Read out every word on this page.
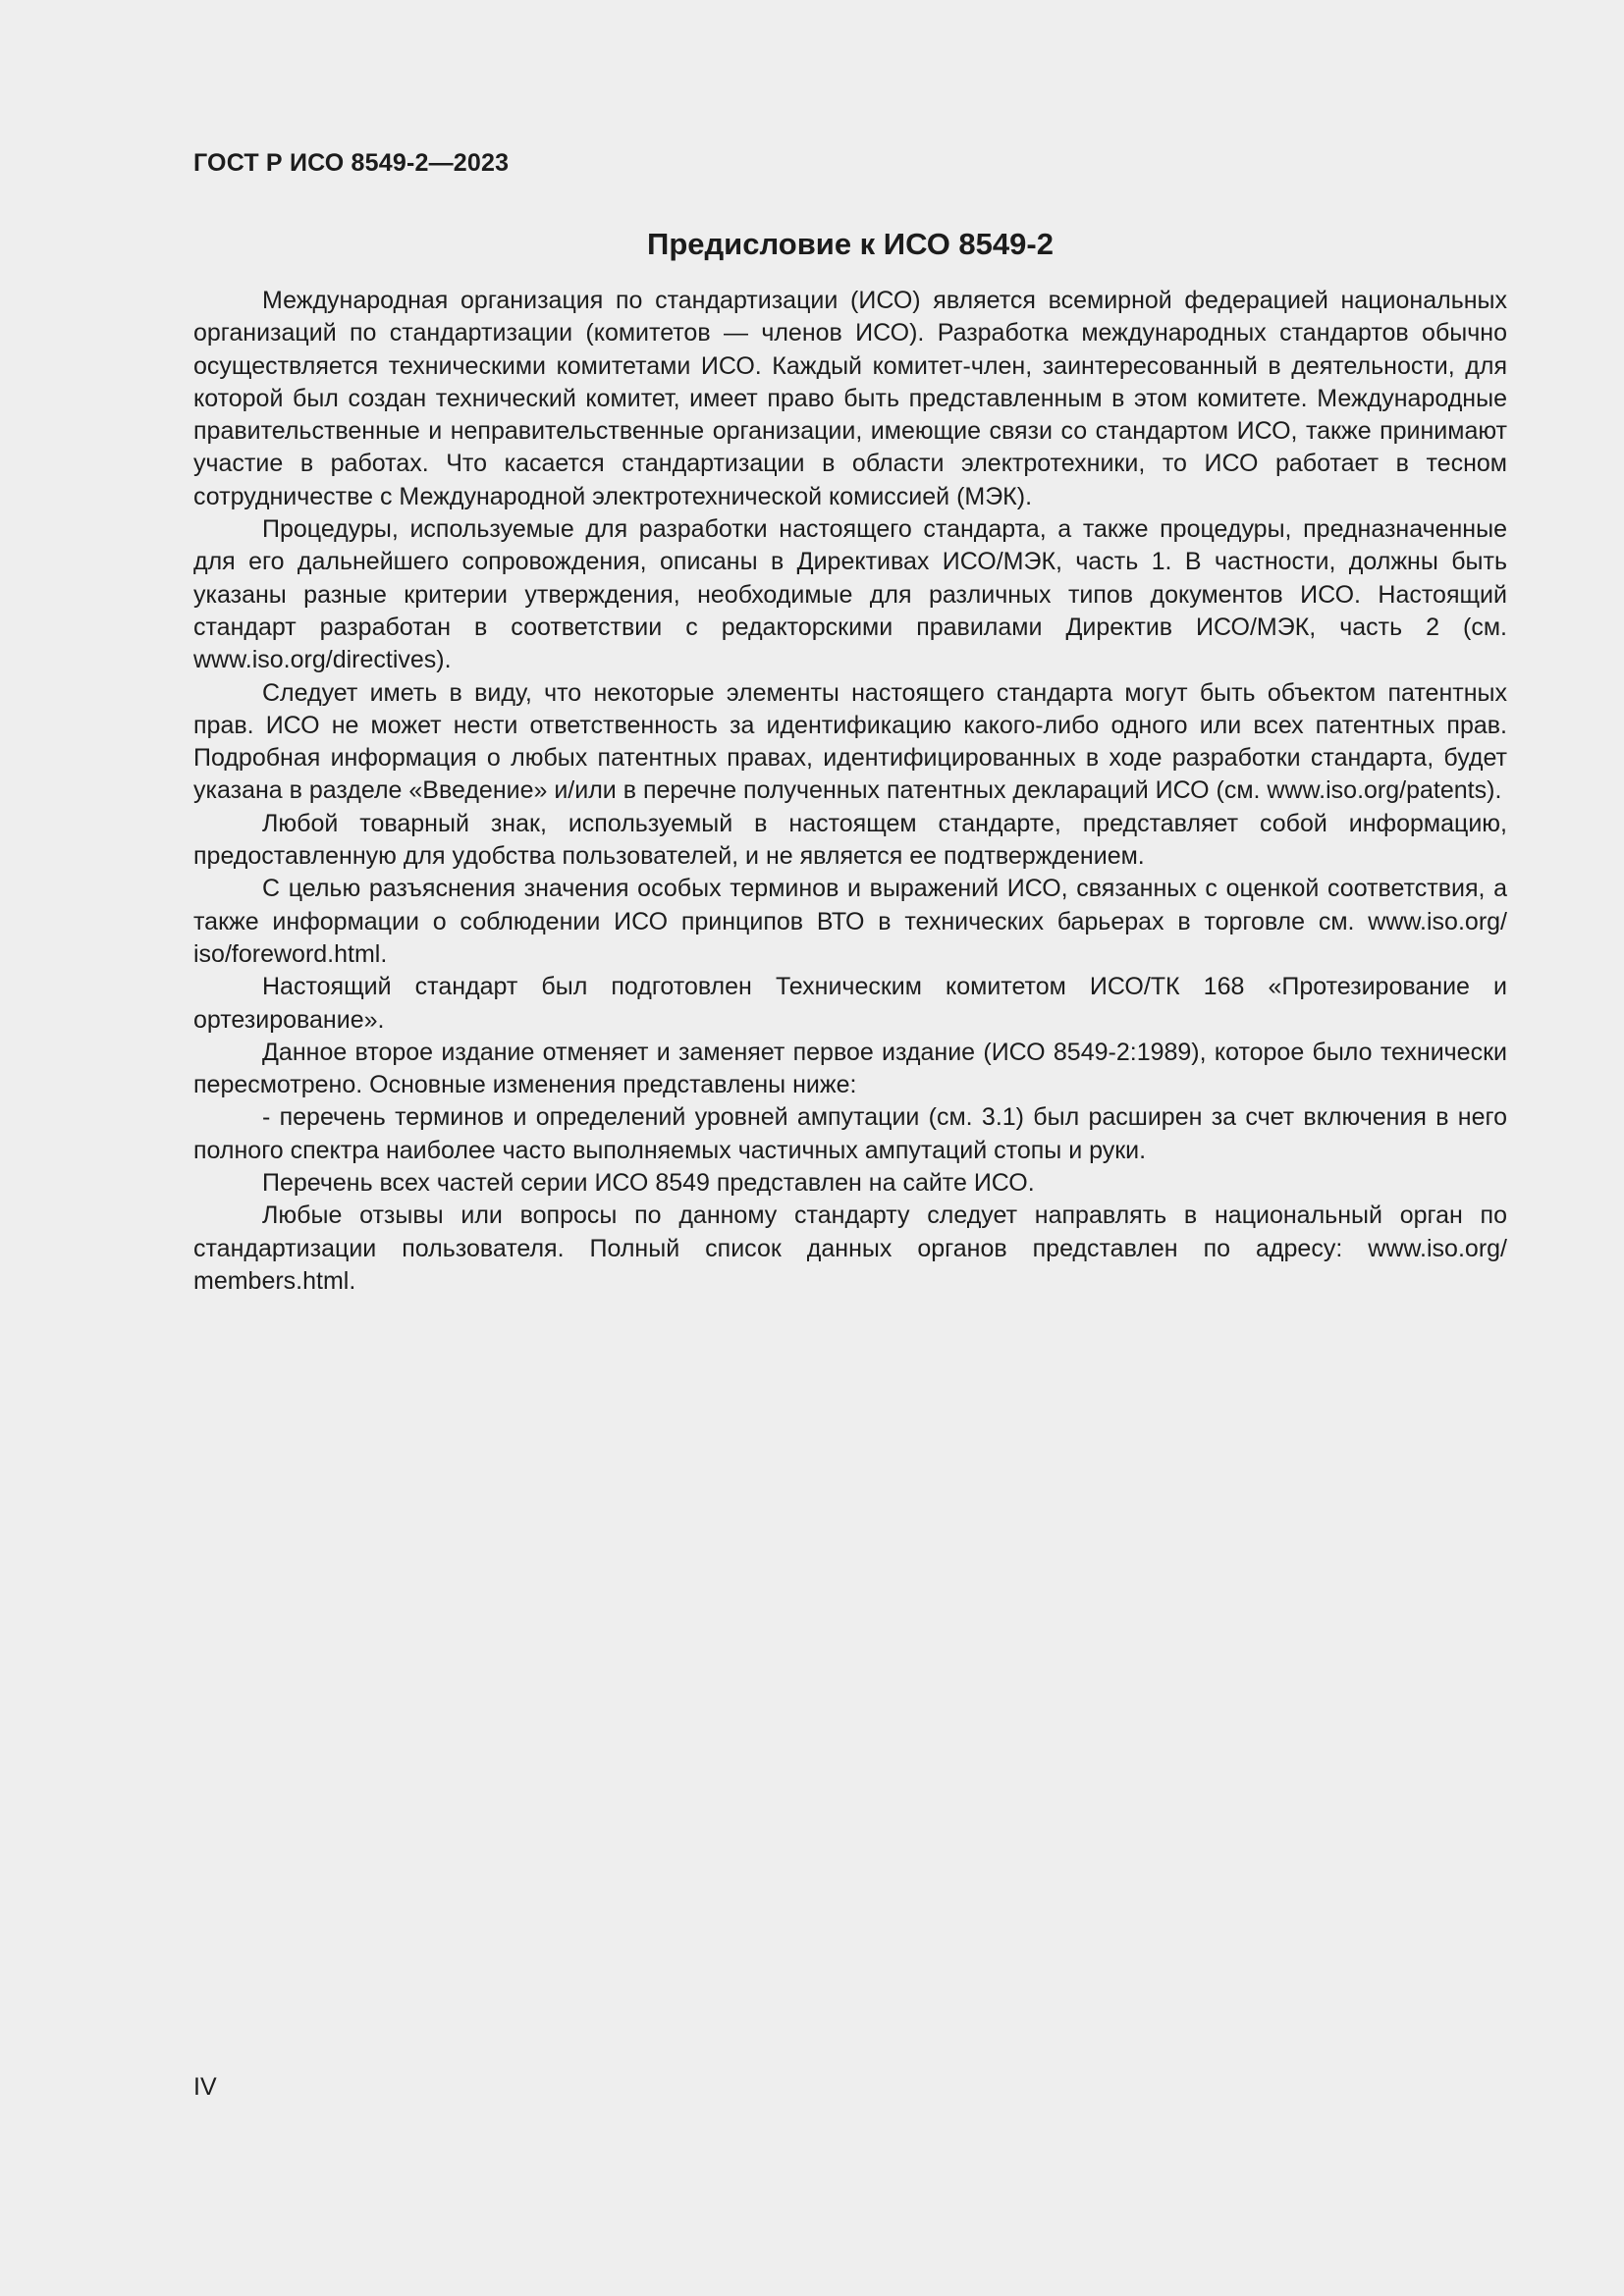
ГОСТ Р ИСО 8549-2—2023
Предисловие к ИСО 8549-2

Международная организация по стандартизации (ИСО) является всемирной федерацией национальных организаций по стандартизации (комитетов — членов ИСО). Разработка международных стандартов обычно осуществляется техническими комитетами ИСО. Каждый комитет-член, заинтересованный в деятельности, для которой был создан технический комитет, имеет право быть представленным в этом комитете. Международные правительственные и неправительственные организации, имеющие связи со стандартом ИСО, также принимают участие в работах. Что касается стандартизации в области электротехники, то ИСО работает в тесном сотрудничестве с Международной электротехнической комиссией (МЭК).

Процедуры, используемые для разработки настоящего стандарта, а также процедуры, предназначенные для его дальнейшего сопровождения, описаны в Директивах ИСО/МЭК, часть 1. В частности, должны быть указаны разные критерии утверждения, необходимые для различных типов документов ИСО. Настоящий стандарт разработан в соответствии с редакторскими правилами Директив ИСО/МЭК, часть 2 (см. www.iso.org/directives).

Следует иметь в виду, что некоторые элементы настоящего стандарта могут быть объектом патентных прав. ИСО не может нести ответственность за идентификацию какого-либо одного или всех патентных прав. Подробная информация о любых патентных правах, идентифицированных в ходе разработки стандарта, будет указана в разделе «Введение» и/или в перечне полученных патентных деклараций ИСО (см. www.iso.org/patents).

Любой товарный знак, используемый в настоящем стандарте, представляет собой информацию, предоставленную для удобства пользователей, и не является ее подтверждением.

С целью разъяснения значения особых терминов и выражений ИСО, связанных с оценкой соответствия, а также информации о соблюдении ИСО принципов ВТО в технических барьерах в торговле см. www.iso.org/ iso/foreword.html.

Настоящий стандарт был подготовлен Техническим комитетом ИСО/ТК 168 «Протезирование и ортезирование».

Данное второе издание отменяет и заменяет первое издание (ИСО 8549-2:1989), которое было технически пересмотрено. Основные изменения представлены ниже:

- перечень терминов и определений уровней ампутации (см. 3.1) был расширен за счет включения в него полного спектра наиболее часто выполняемых частичных ампутаций стопы и руки.

Перечень всех частей серии ИСО 8549 представлен на сайте ИСО.

Любые отзывы или вопросы по данному стандарту следует направлять в национальный орган по стандартизации пользователя. Полный список данных органов представлен по адресу: www.iso.org/ members.html.

IV
